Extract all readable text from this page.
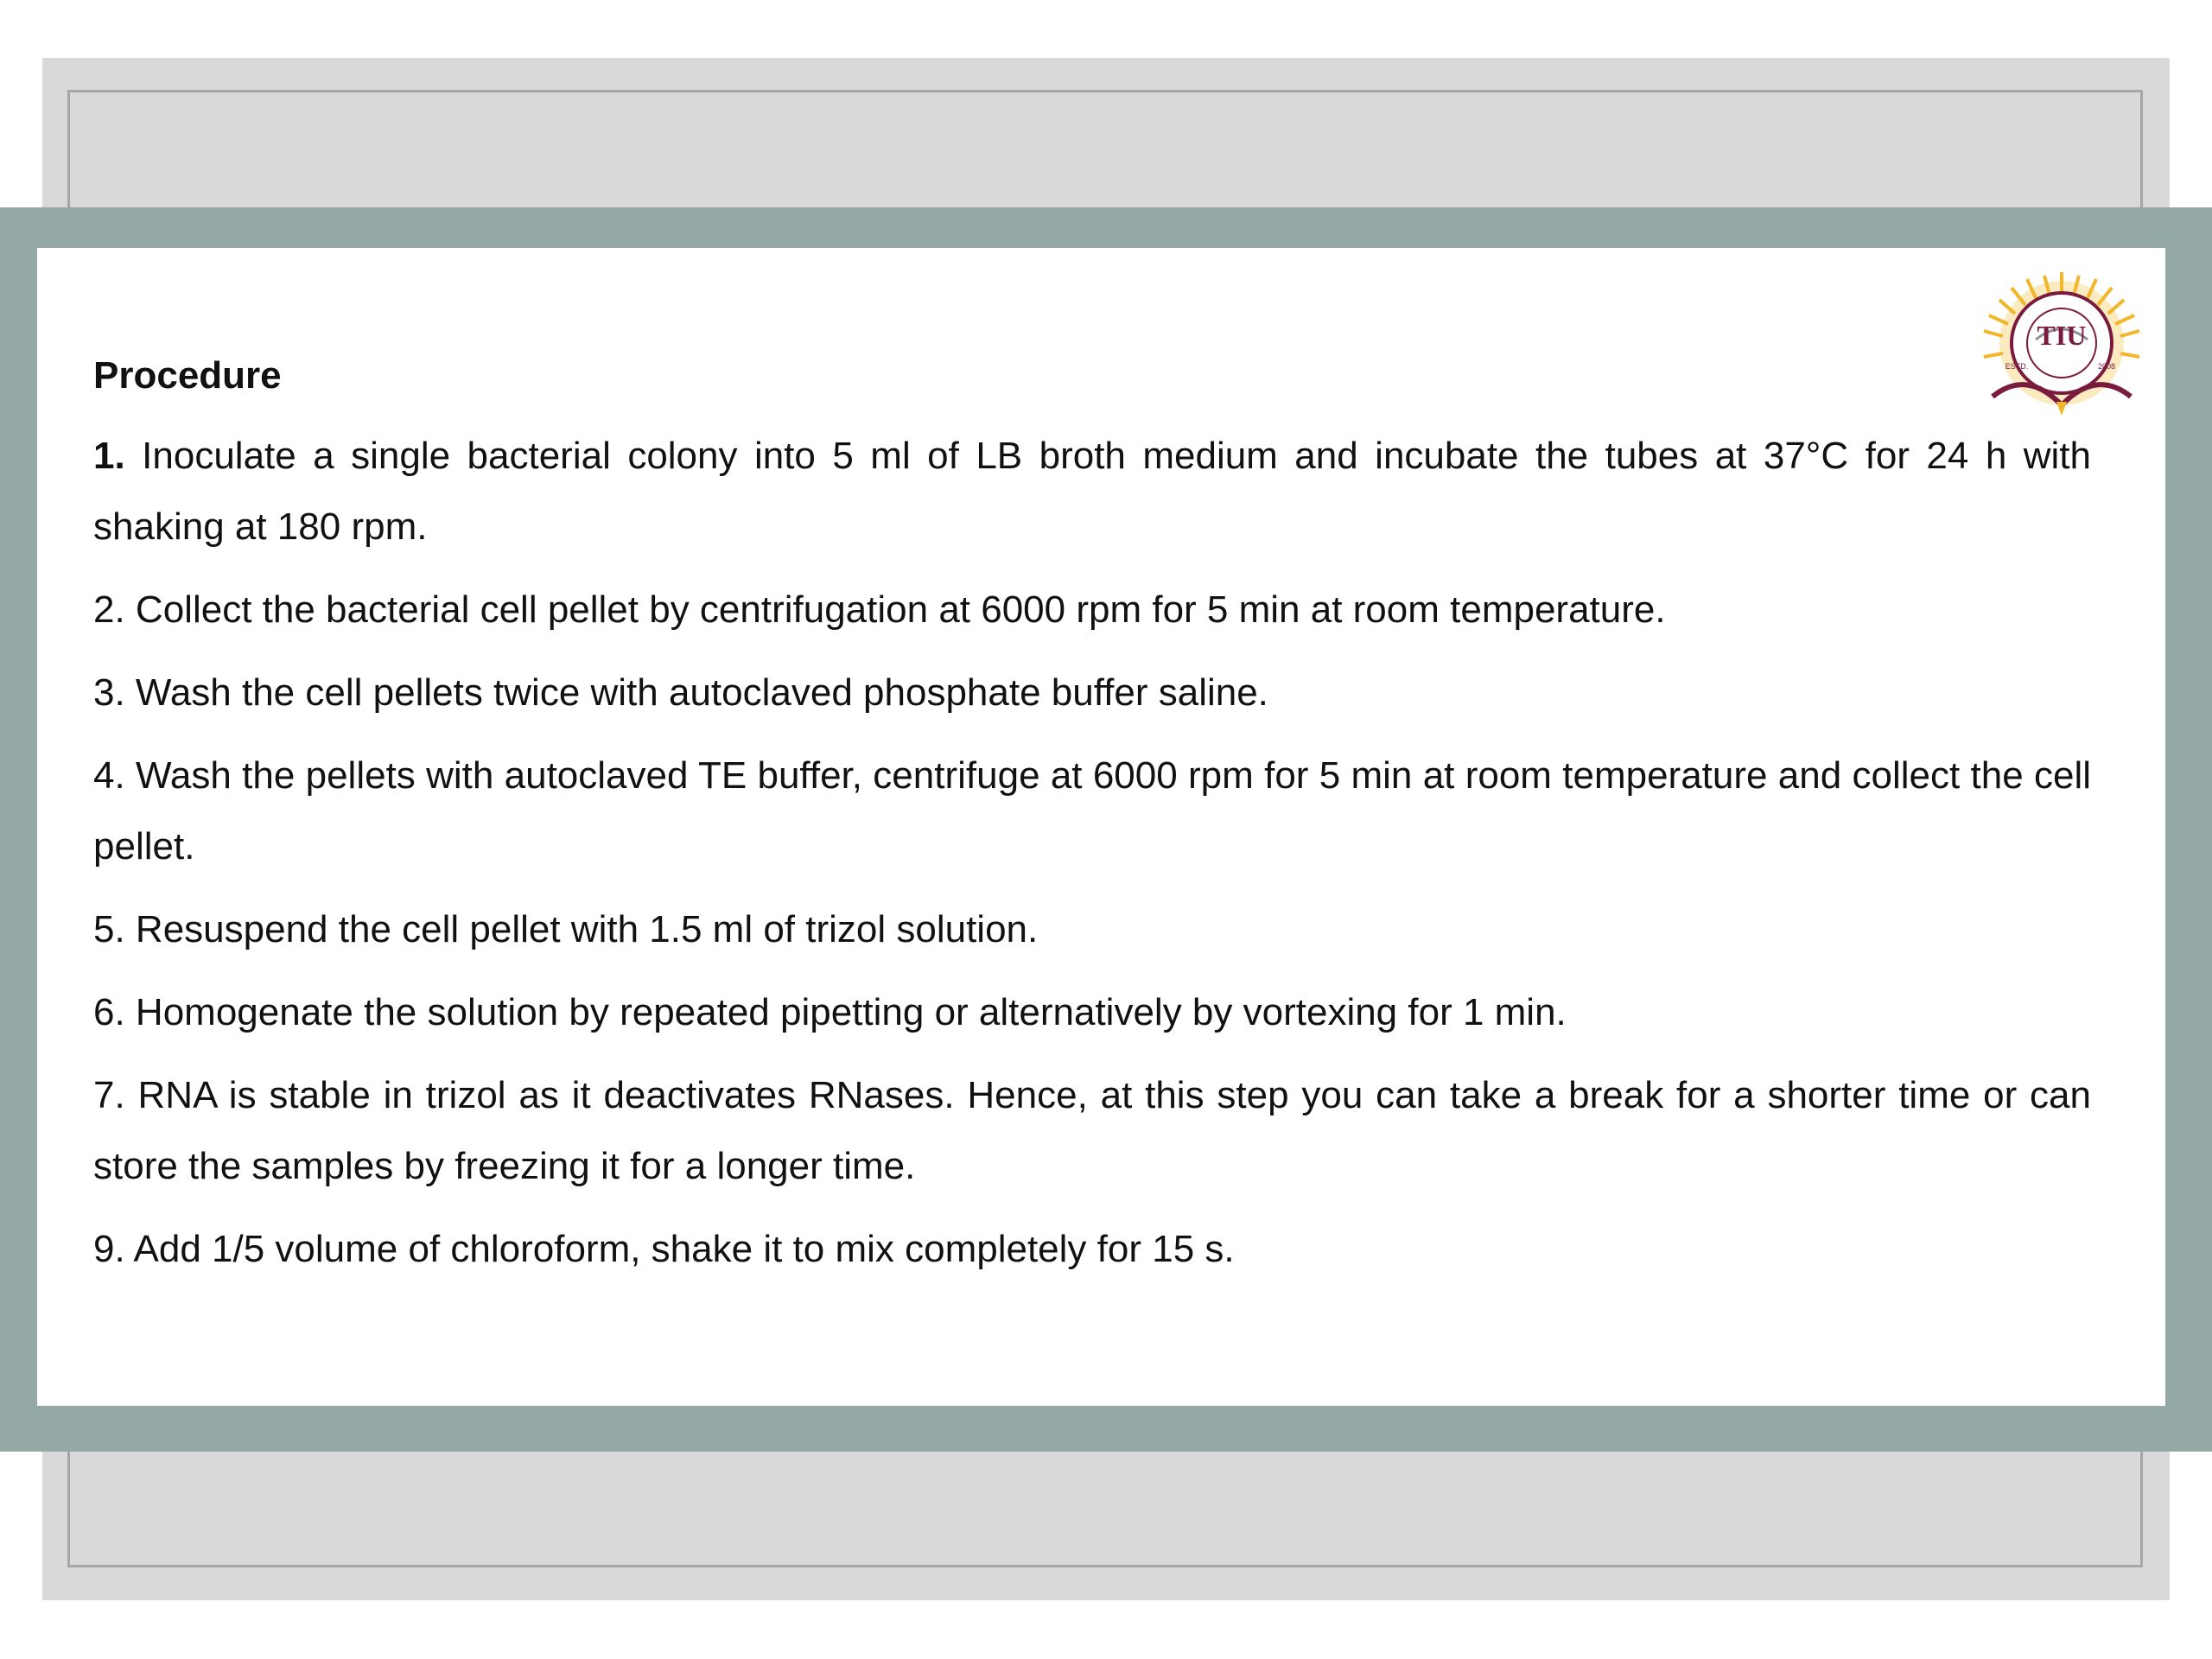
TIU
ESTD.	2008
Procedure

1. Inoculate a single bacterial colony into 5 ml of LB broth medium and incubate the tubes at 37°C for 24 h with shaking at 180 rpm.

2. Collect the bacterial cell pellet by centrifugation at 6000 rpm for 5 min at room temperature.

3. Wash the cell pellets twice with autoclaved phosphate buffer saline.

4. Wash the pellets with autoclaved TE buffer, centrifuge at 6000 rpm for 5 min at room temperature and collect the cell pellet.

5. Resuspend the cell pellet with 1.5 ml of trizol solution.

6. Homogenate the solution by repeated pipetting or alternatively by vortexing for 1 min.

7. RNA is stable in trizol as it deactivates RNases. Hence, at this step you can take a break for a shorter time or can store the samples by freezing it for a longer time.

9. Add 1/5 volume of chloroform, shake it to mix completely for 15 s.
